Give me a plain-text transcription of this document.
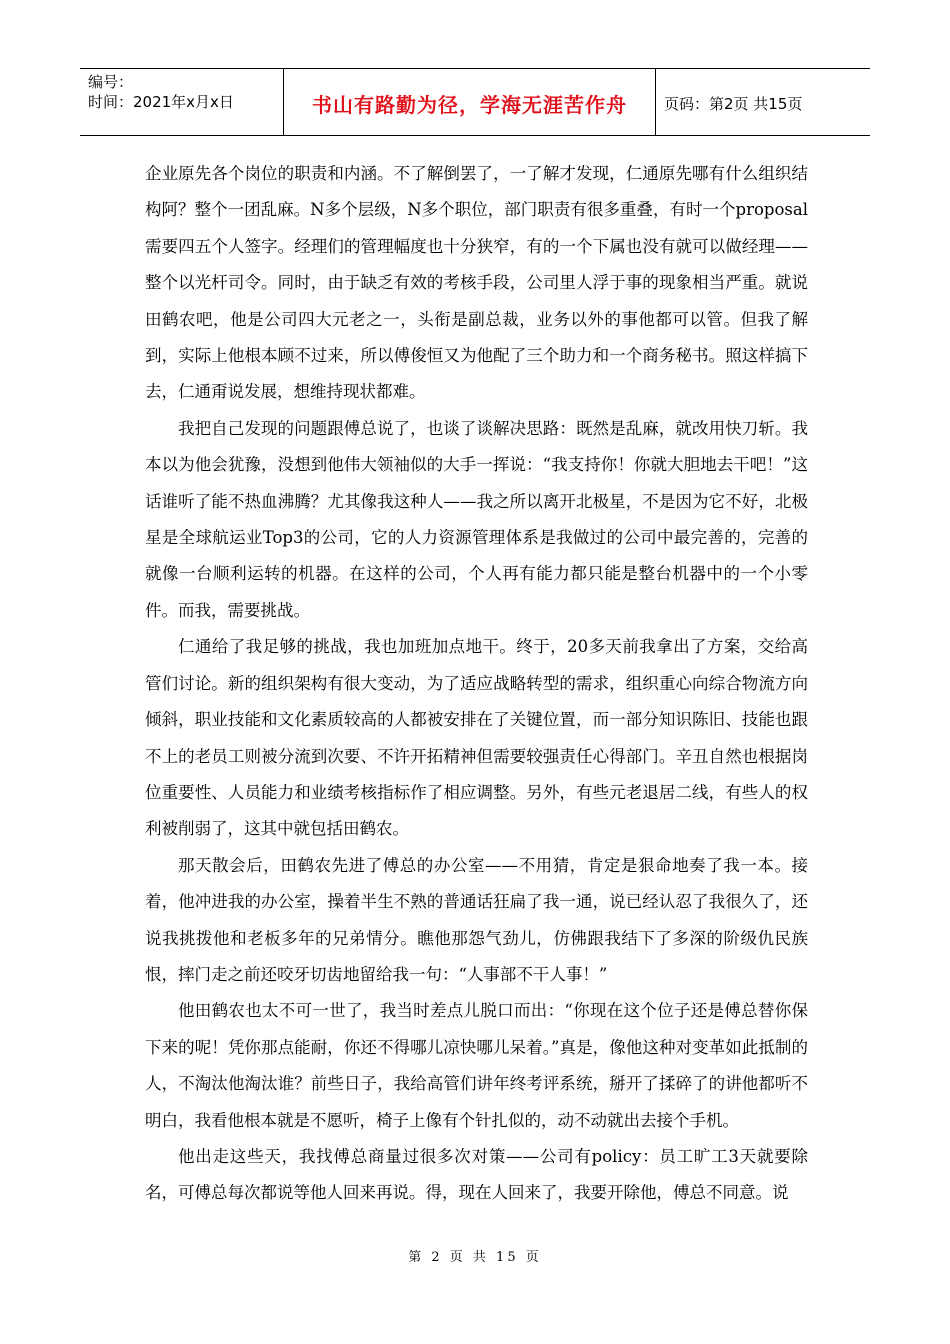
编号：
时间：2021年x月x日	书山有路勤为径，学海无涯苦作舟	页码：第2页 共15页

企业原先各个岗位的职责和内涵。不了解倒罢了，一了解才发现，仁通原先哪有什么组织结构阿？整个一团乱麻。N多个层级，N多个职位，部门职责有很多重叠，有时一个proposal需要四五个人签字。经理们的管理幅度也十分狭窄，有的一个下属也没有就可以做经理——整个以光杆司令。同时，由于缺乏有效的考核手段，公司里人浮于事的现象相当严重。就说田鹤农吧，他是公司四大元老之一，头衔是副总裁，业务以外的事他都可以管。但我了解到，实际上他根本顾不过来，所以傅俊恒又为他配了三个助力和一个商务秘书。照这样搞下去，仁通甭说发展，想维持现状都难。

我把自己发现的问题跟傅总说了，也谈了谈解决思路：既然是乱麻，就改用快刀斩。我本以为他会犹豫，没想到他伟大领袖似的大手一挥说：“我支持你！你就大胆地去干吧！”这话谁听了能不热血沸腾？尤其像我这种人——我之所以离开北极星，不是因为它不好，北极星是全球航运业Top3的公司，它的人力资源管理体系是我做过的公司中最完善的，完善的就像一台顺利运转的机器。在这样的公司，个人再有能力都只能是整台机器中的一个小零件。而我，需要挑战。

仁通给了我足够的挑战，我也加班加点地干。终于，20多天前我拿出了方案，交给高管们讨论。新的组织架构有很大变动，为了适应战略转型的需求，组织重心向综合物流方向倾斜，职业技能和文化素质较高的人都被安排在了关键位置，而一部分知识陈旧、技能也跟不上的老员工则被分流到次要、不许开拓精神但需要较强责任心得部门。辛丑自然也根据岗位重要性、人员能力和业绩考核指标作了相应调整。另外，有些元老退居二线，有些人的权利被削弱了，这其中就包括田鹤农。

那天散会后，田鹤农先进了傅总的办公室——不用猜，肯定是狠命地奏了我一本。接着，他冲进我的办公室，操着半生不熟的普通话狂扁了我一通，说已经认忍了我很久了，还说我挑拨他和老板多年的兄弟情分。瞧他那怨气劲儿，仿佛跟我结下了多深的阶级仇民族恨，摔门走之前还咬牙切齿地留给我一句：“人事部不干人事！”

他田鹤农也太不可一世了，我当时差点儿脱口而出：“你现在这个位子还是傅总替你保下来的呢！凭你那点能耐，你还不得哪儿凉快哪儿呆着。”真是，像他这种对变革如此抵制的人，不淘汰他淘汰谁？前些日子，我给高管们讲年终考评系统，掰开了揉碎了的讲他都听不明白，我看他根本就是不愿听，椅子上像有个针扎似的，动不动就出去接个手机。

他出走这些天，我找傅总商量过很多次对策——公司有policy：员工旷工3天就要除名，可傅总每次都说等他人回来再说。得，现在人回来了，我要开除他，傅总不同意。说

第 2 页 共 15 页
